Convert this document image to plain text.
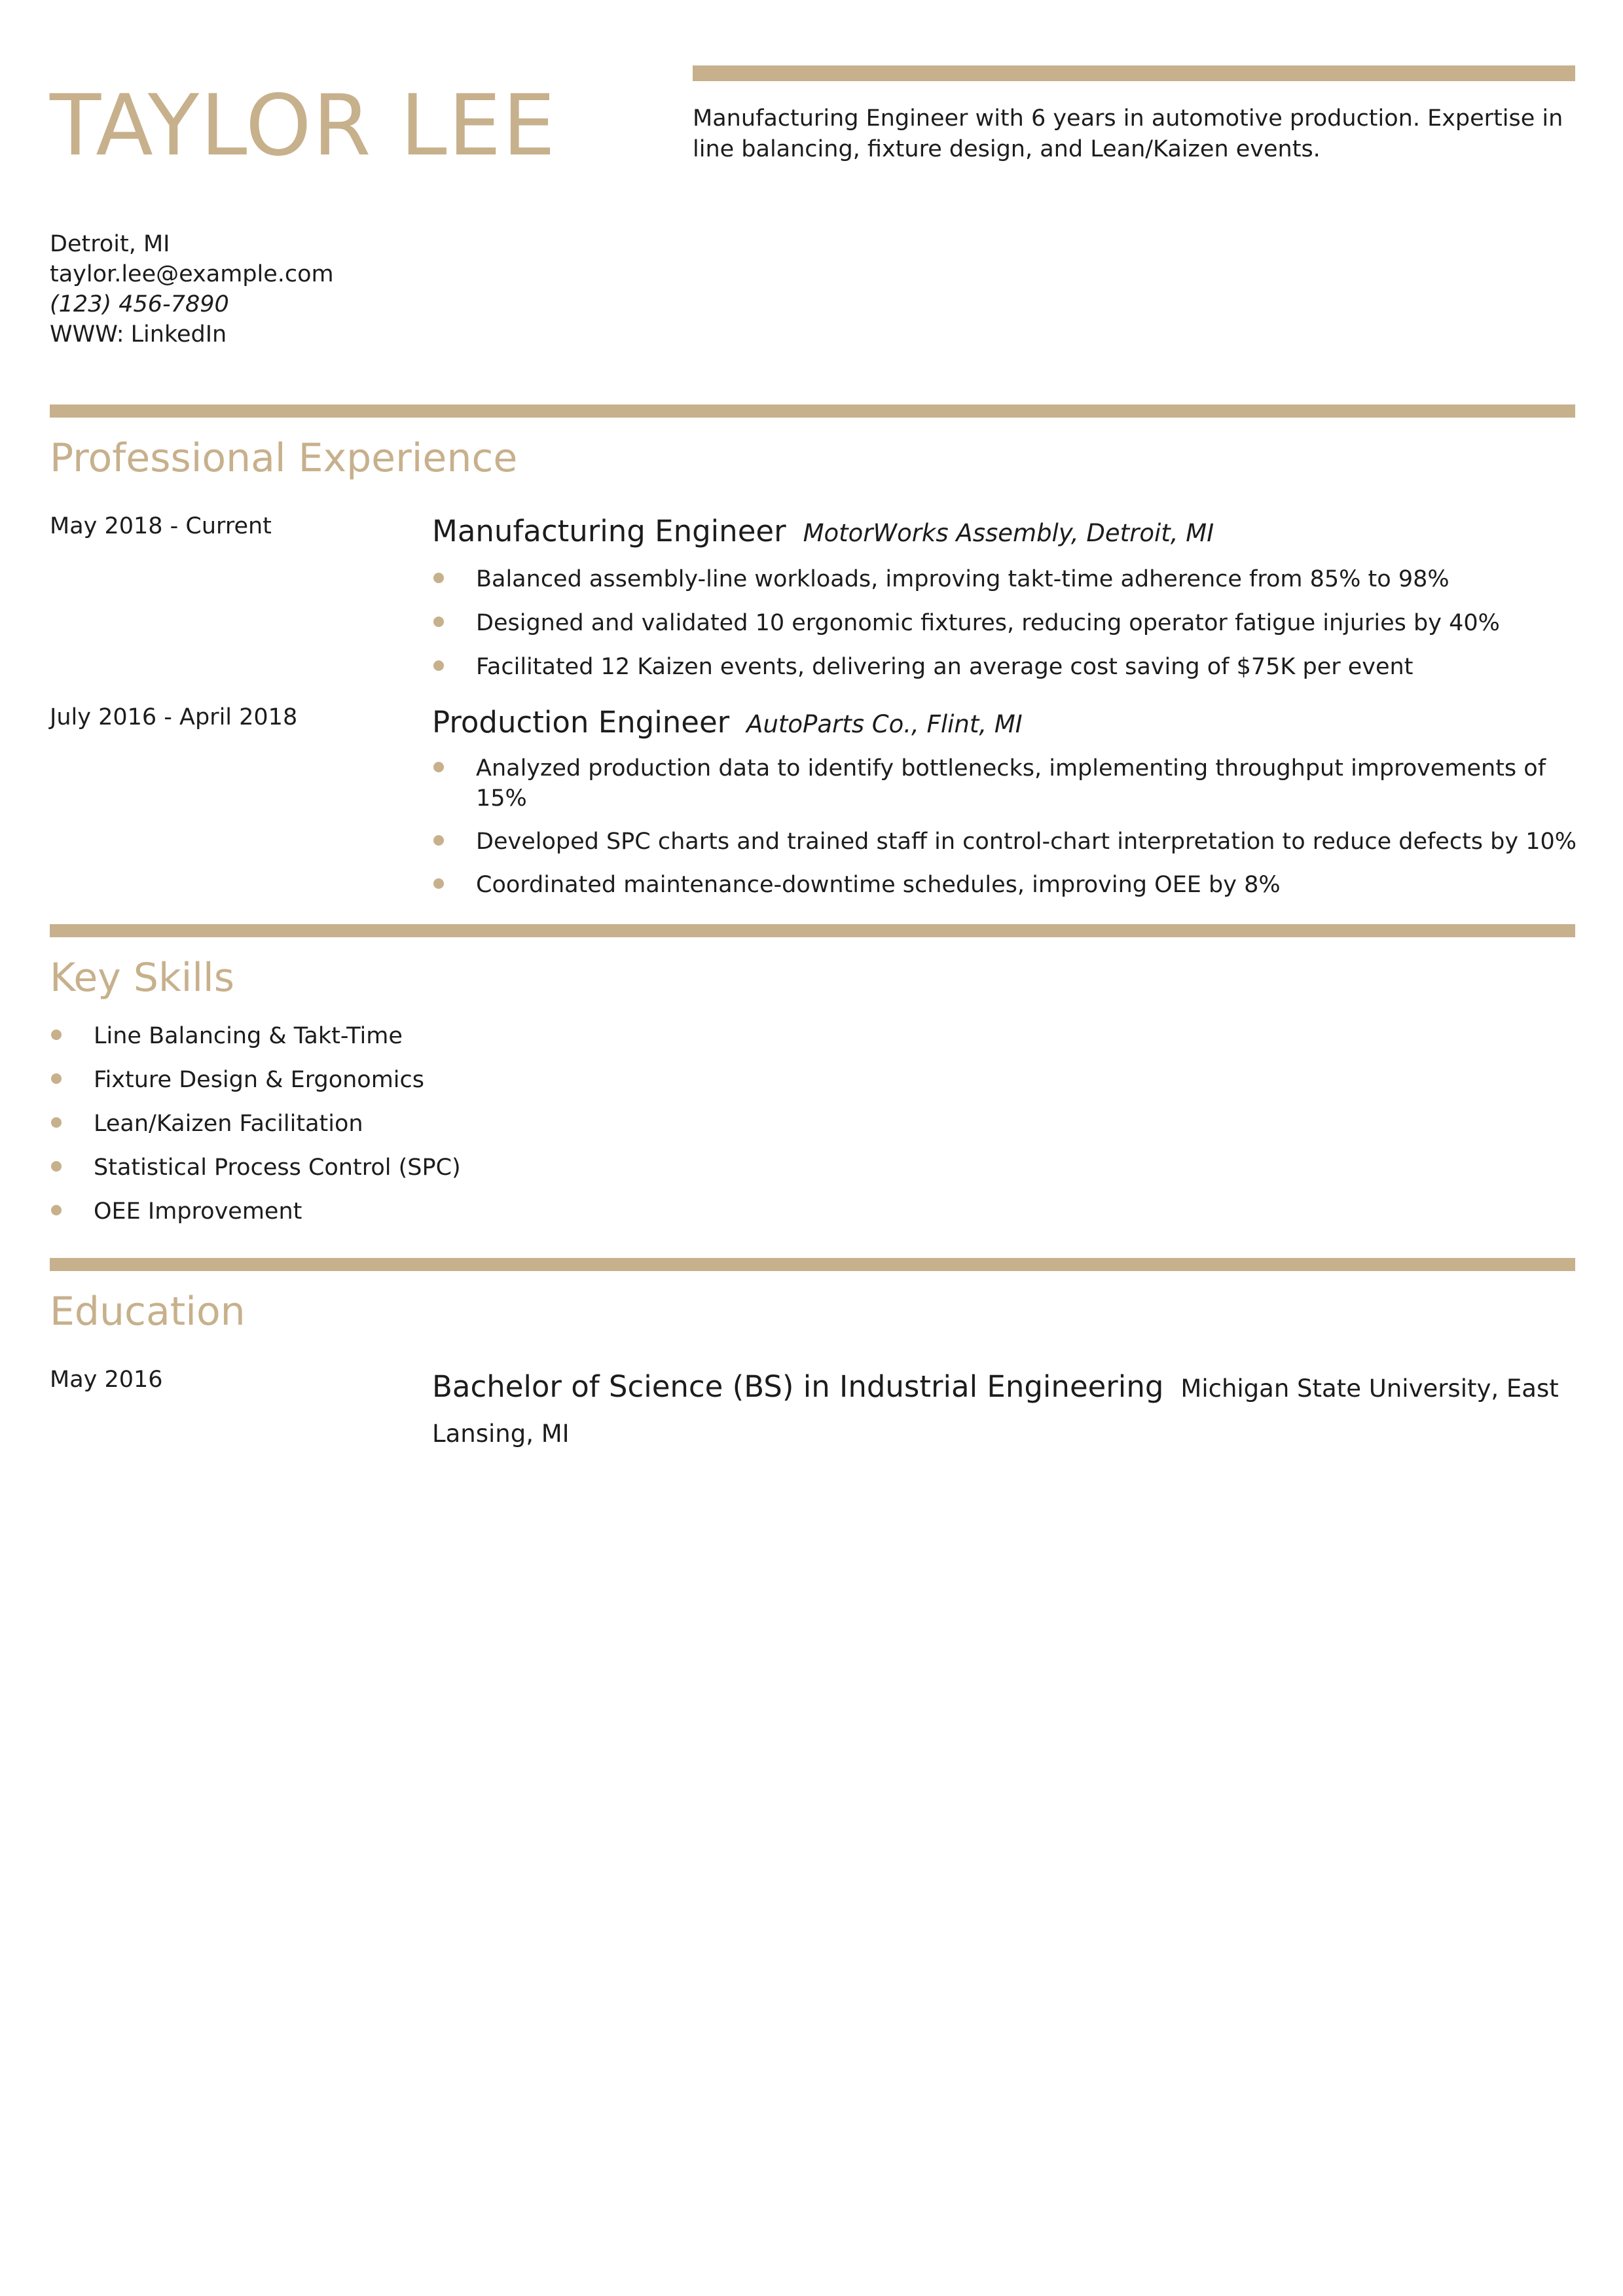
TAYLOR LEE	Manufacturing Engineer with 6 years in automotive production. Expertise in line balancing, fixture design, and Lean/Kaizen events.
Detroit, MI
taylor.lee@example.com
(123) 456-7890
WWW: LinkedIn
Professional Experience
May 2018 - Current	Manufacturing Engineer MotorWorks Assembly, Detroit, MI
Balanced assembly-line workloads, improving takt-time adherence from 85% to 98%
Designed and validated 10 ergonomic fixtures, reducing operator fatigue injuries by 40%
Facilitated 12 Kaizen events, delivering an average cost saving of $75K per event
July 2016 - April 2018	Production Engineer AutoParts Co., Flint, MI
Analyzed production data to identify bottlenecks, implementing throughput improvements of 15%
Developed SPC charts and trained staff in control-chart interpretation to reduce defects by 10%
Coordinated maintenance-downtime schedules, improving OEE by 8%
Key Skills
Line Balancing & Takt-Time
Fixture Design & Ergonomics
Lean/Kaizen Facilitation
Statistical Process Control (SPC)
OEE Improvement
Education
May 2016	Bachelor of Science (BS) in Industrial Engineering Michigan State University, East Lansing, MI
